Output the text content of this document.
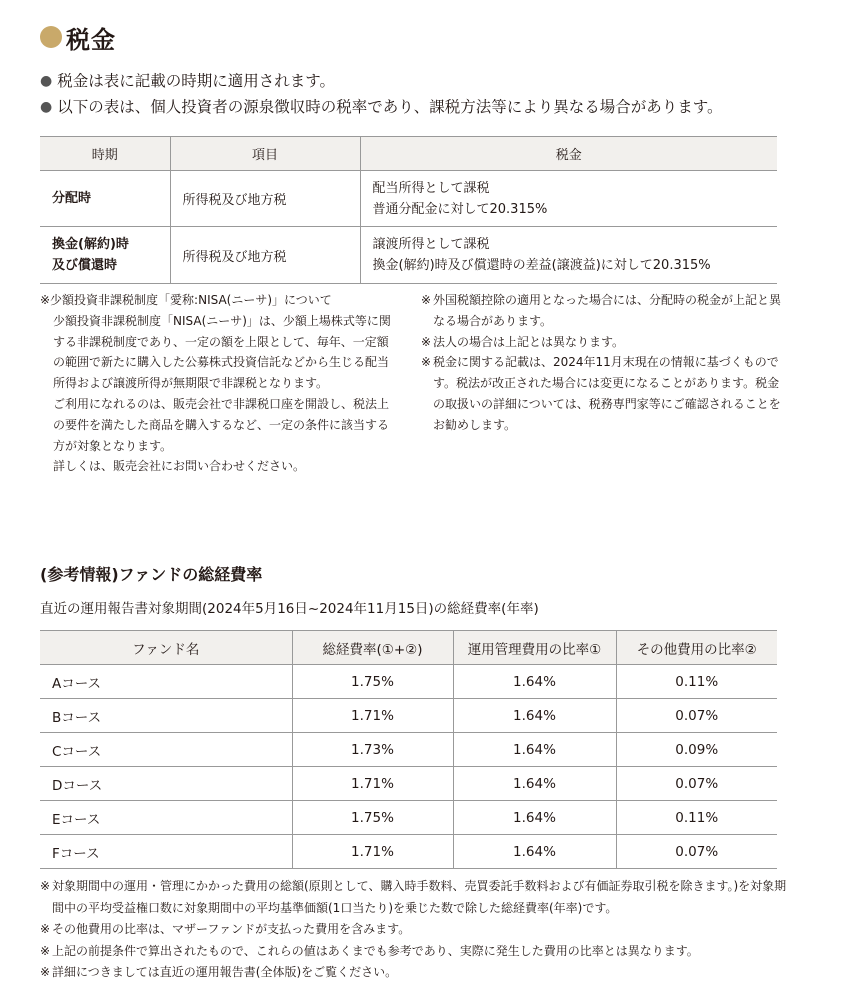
税金
● 税金は表に記載の時期に適用されます。
● 以下の表は、個人投資者の源泉徴収時の税率であり、課税方法等により異なる場合があります。
時期	項目	税金

分配時	所得税及び地方税	配当所得として課税
普通分配金に対して20.315%

換金(解約)時
及び償還時	所得税及び地方税	譲渡所得として課税
換金(解約)時及び償還時の差益(譲渡益)に対して20.315%
※少額投資非課税制度「愛称:NISA(ニーサ)」について
少額投資非課税制度「NISA(ニーサ)」は、少額上場株式等に関する非課税制度であり、一定の額を上限として、毎年、一定額の範囲で新たに購入した公募株式投資信託などから生じる配当所得および譲渡所得が無期限で非課税となります。
ご利用になれるのは、販売会社で非課税口座を開設し、税法上の要件を満たした商品を購入するなど、一定の条件に該当する方が対象となります。
詳しくは、販売会社にお問い合わせください。
※ 外国税額控除の適用となった場合には、分配時の税金が上記と異なる場合があります。
※ 法人の場合は上記とは異なります。
※ 税金に関する記載は、2024年11月末現在の情報に基づくものです。税法が改正された場合には変更になることがあります。税金の取扱いの詳細については、税務専門家等にご確認されることをお勧めします。
(参考情報)ファンドの総経費率
直近の運用報告書対象期間(2024年5月16日~2024年11月15日)の総経費率(年率)
ファンド名	総経費率(①+②)	運用管理費用の比率①	その他費用の比率②
Aコース	1.75%	1.64%	0.11%
Bコース	1.71%	1.64%	0.07%
Cコース	1.73%	1.64%	0.09%
Dコース	1.71%	1.64%	0.07%
Eコース	1.75%	1.64%	0.11%
Fコース	1.71%	1.64%	0.07%
※ 対象期間中の運用・管理にかかった費用の総額(原則として、購入時手数料、売買委託手数料および有価証券取引税を除きます。)を対象期間中の平均受益権口数に対象期間中の平均基準価額(1口当たり)を乗じた数で除した総経費率(年率)です。
※ その他費用の比率は、マザーファンドが支払った費用を含みます。
※ 上記の前提条件で算出されたもので、これらの値はあくまでも参考であり、実際に発生した費用の比率とは異なります。
※ 詳細につきましては直近の運用報告書(全体版)をご覧ください。
